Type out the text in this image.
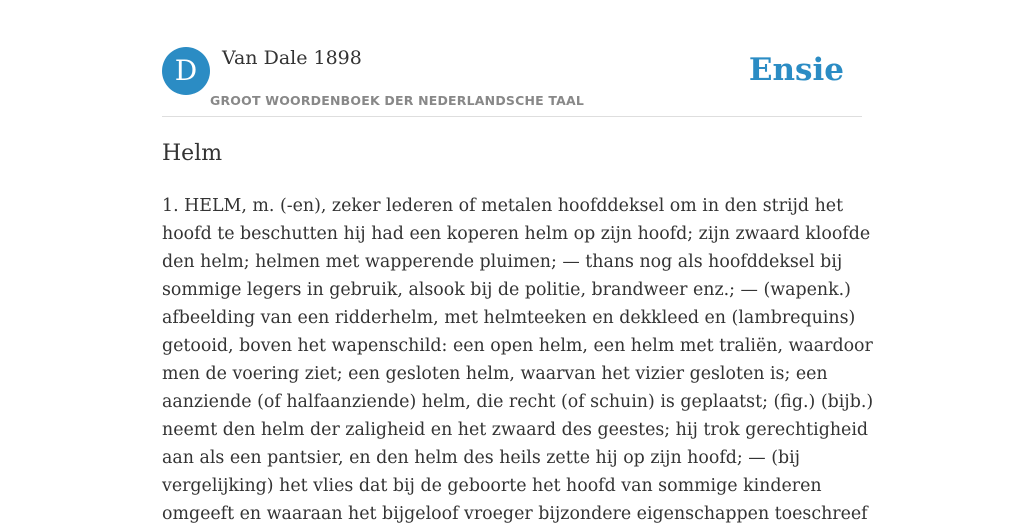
D	Van Dale 1898
GROOT WOORDENBOEK DER NEDERLANDSCHE TAAL
Ensie
Helm

1. HELM, m. (-en), zeker lederen of metalen hoofddeksel om in den strijd het
hoofd te beschutten hij had een koperen helm op zijn hoofd; zijn zwaard kloofde
den helm; helmen met wapperende pluimen; — thans nog als hoofddeksel bij
sommige legers in gebruik, alsook bij de politie, brandweer enz.; — (wapenk.)
afbeelding van een ridderhelm, met helmteeken en dekkleed en (lambrequins)
getooid, boven het wapenschild: een open helm, een helm met traliën, waardoor
men de voering ziet; een gesloten helm, waarvan het vizier gesloten is; een
aanziende (of halfaanziende) helm, die recht (of schuin) is geplaatst; (fig.) (bijb.)
neemt den helm der zaligheid en het zwaard des geestes; hij trok gerechtigheid
aan als een pantsier, en den helm des heils zette hij op zijn hoofd; — (bij
vergelijking) het vlies dat bij de geboorte het hoofd van sommige kinderen
omgeeft en waaraan het bijgeloof vroeger bijzondere eigenschappen toeschreef
